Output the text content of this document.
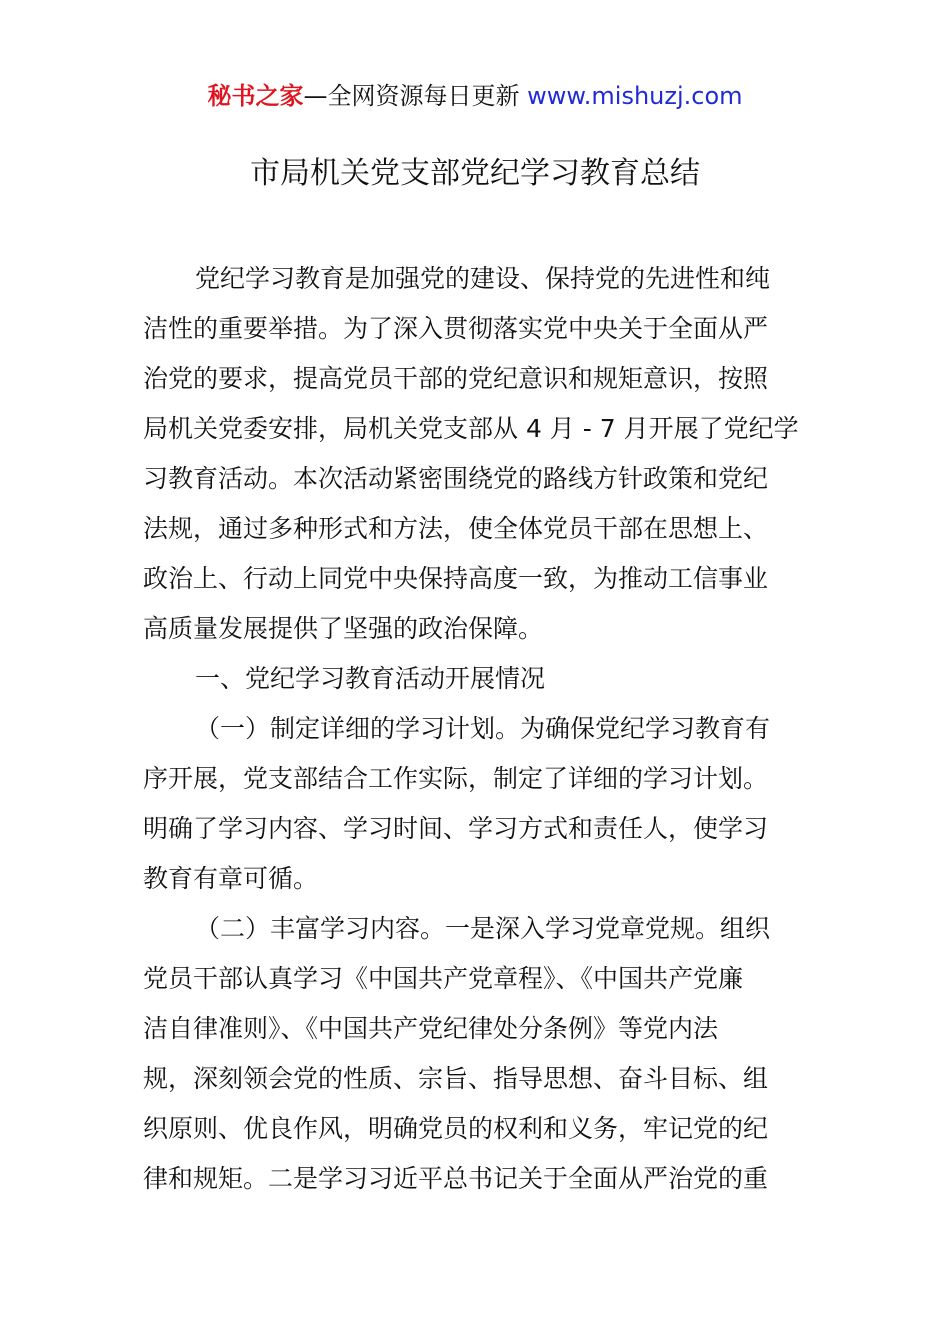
秘书之家—全网资源每日更新 www.mishuzj.com
市局机关党支部党纪学习教育总结
党纪学习教育是加强党的建设、保持党的先进性和纯
洁性的重要举措。为了深入贯彻落实党中央关于全面从严
治党的要求，提高党员干部的党纪意识和规矩意识，按照
局机关党委安排，局机关党支部从 4 月 - 7 月开展了党纪学
习教育活动。本次活动紧密围绕党的路线方针政策和党纪
法规，通过多种形式和方法，使全体党员干部在思想上、
政治上、行动上同党中央保持高度一致，为推动工信事业
高质量发展提供了坚强的政治保障。
一、党纪学习教育活动开展情况
（一）制定详细的学习计划。为确保党纪学习教育有
序开展，党支部结合工作实际，制定了详细的学习计划。
明确了学习内容、学习时间、学习方式和责任人，使学习
教育有章可循。
（二）丰富学习内容。一是深入学习党章党规。组织
党员干部认真学习《中国共产党章程》、《中国共产党廉
洁自律准则》、《中国共产党纪律处分条例》等党内法
规，深刻领会党的性质、宗旨、指导思想、奋斗目标、组
织原则、优良作风，明确党员的权利和义务，牢记党的纪
律和规矩。二是学习习近平总书记关于全面从严治党的重
